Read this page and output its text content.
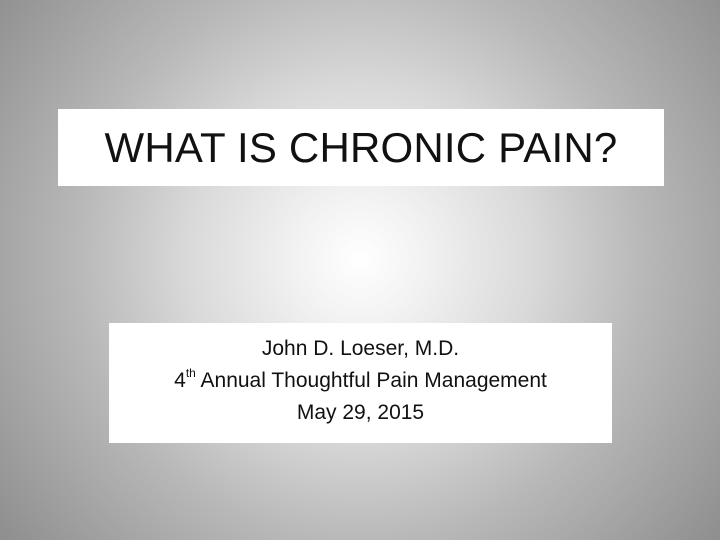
WHAT IS CHRONIC PAIN?
John D. Loeser, M.D.
4th Annual Thoughtful Pain Management
May 29, 2015
